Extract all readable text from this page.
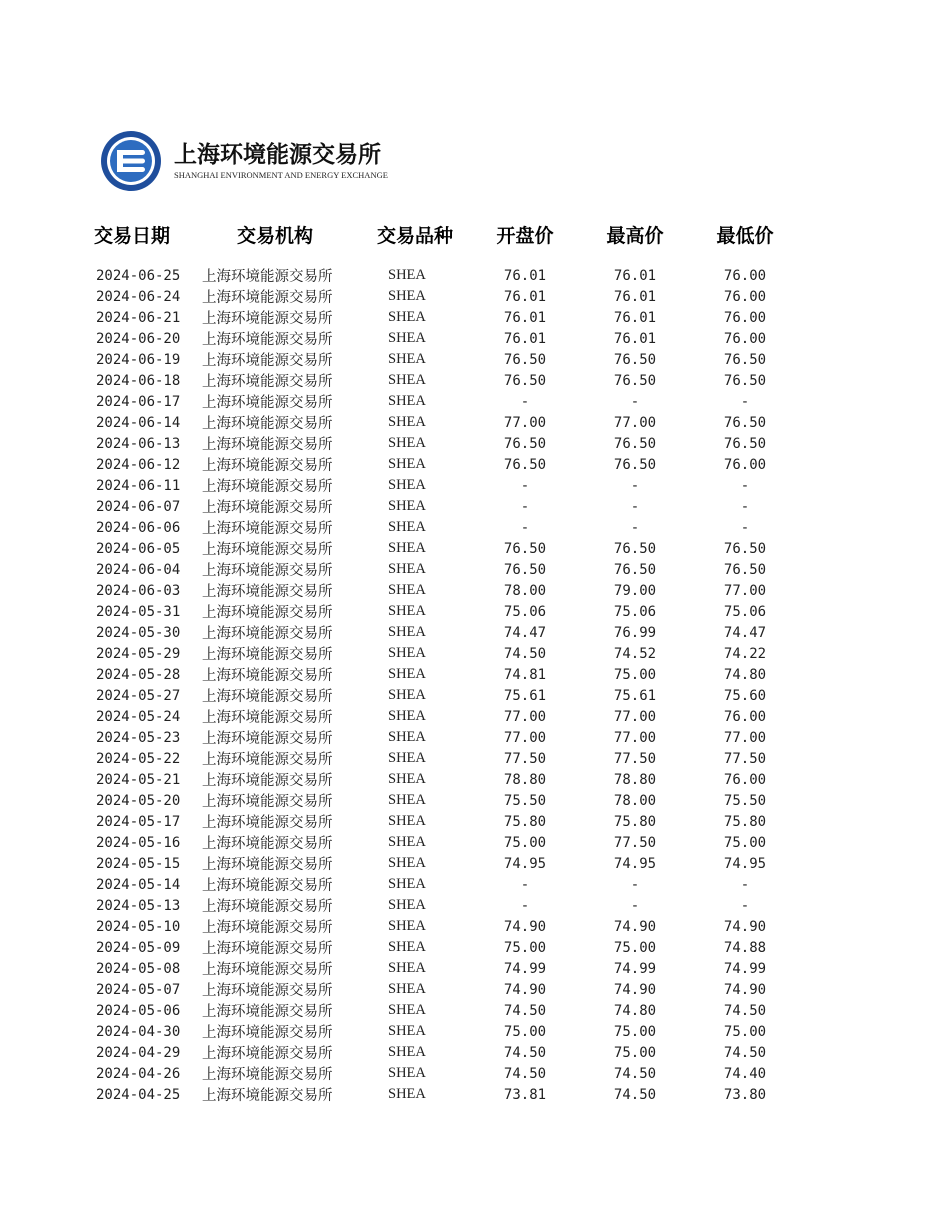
上海环境能源交易所
SHANGHAI ENVIRONMENT AND ENERGY EXCHANGE
交易日期	交易机构	交易品种	开盘价	最高价	最低价

2024-06-25	上海环境能源交易所	SHEA	76.01	76.01	76.00
2024-06-24	上海环境能源交易所	SHEA	76.01	76.01	76.00
2024-06-21	上海环境能源交易所	SHEA	76.01	76.01	76.00
2024-06-20	上海环境能源交易所	SHEA	76.01	76.01	76.00
2024-06-19	上海环境能源交易所	SHEA	76.50	76.50	76.50
2024-06-18	上海环境能源交易所	SHEA	76.50	76.50	76.50
2024-06-17	上海环境能源交易所	SHEA	-	-	-
2024-06-14	上海环境能源交易所	SHEA	77.00	77.00	76.50
2024-06-13	上海环境能源交易所	SHEA	76.50	76.50	76.50
2024-06-12	上海环境能源交易所	SHEA	76.50	76.50	76.00
2024-06-11	上海环境能源交易所	SHEA	-	-	-
2024-06-07	上海环境能源交易所	SHEA	-	-	-
2024-06-06	上海环境能源交易所	SHEA	-	-	-
2024-06-05	上海环境能源交易所	SHEA	76.50	76.50	76.50
2024-06-04	上海环境能源交易所	SHEA	76.50	76.50	76.50
2024-06-03	上海环境能源交易所	SHEA	78.00	79.00	77.00
2024-05-31	上海环境能源交易所	SHEA	75.06	75.06	75.06
2024-05-30	上海环境能源交易所	SHEA	74.47	76.99	74.47
2024-05-29	上海环境能源交易所	SHEA	74.50	74.52	74.22
2024-05-28	上海环境能源交易所	SHEA	74.81	75.00	74.80
2024-05-27	上海环境能源交易所	SHEA	75.61	75.61	75.60
2024-05-24	上海环境能源交易所	SHEA	77.00	77.00	76.00
2024-05-23	上海环境能源交易所	SHEA	77.00	77.00	77.00
2024-05-22	上海环境能源交易所	SHEA	77.50	77.50	77.50
2024-05-21	上海环境能源交易所	SHEA	78.80	78.80	76.00
2024-05-20	上海环境能源交易所	SHEA	75.50	78.00	75.50
2024-05-17	上海环境能源交易所	SHEA	75.80	75.80	75.80
2024-05-16	上海环境能源交易所	SHEA	75.00	77.50	75.00
2024-05-15	上海环境能源交易所	SHEA	74.95	74.95	74.95
2024-05-14	上海环境能源交易所	SHEA	-	-	-
2024-05-13	上海环境能源交易所	SHEA	-	-	-
2024-05-10	上海环境能源交易所	SHEA	74.90	74.90	74.90
2024-05-09	上海环境能源交易所	SHEA	75.00	75.00	74.88
2024-05-08	上海环境能源交易所	SHEA	74.99	74.99	74.99
2024-05-07	上海环境能源交易所	SHEA	74.90	74.90	74.90
2024-05-06	上海环境能源交易所	SHEA	74.50	74.80	74.50
2024-04-30	上海环境能源交易所	SHEA	75.00	75.00	75.00
2024-04-29	上海环境能源交易所	SHEA	74.50	75.00	74.50
2024-04-26	上海环境能源交易所	SHEA	74.50	74.50	74.40
2024-04-25	上海环境能源交易所	SHEA	73.81	74.50	73.80
